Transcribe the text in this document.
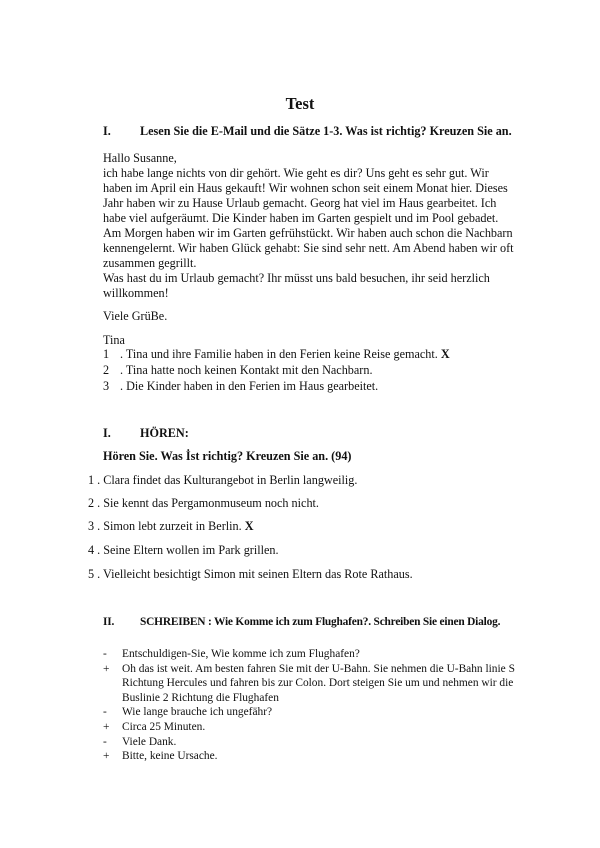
Test
I. Lesen Sie die E-Mail und die Sätze 1-3. Was ist richtig? Kreuzen Sie an.

Hallo Susanne,

ich habe lange nichts von dir gehört. Wie geht es dir? Uns geht es sehr gut. Wir

haben im April ein Haus gekauft! Wir wohnen schon seit einem Monat hier. Dieses

Jahr haben wir zu Hause Urlaub gemacht. Georg hat viel im Haus gearbeitet. Ich

habe viel aufgeräumt. Die Kinder haben im Garten gespielt und im Pool gebadet.

Am Morgen haben wir im Garten gefrühstückt. Wir haben auch schon die Nachbarn

kennengelernt. Wir haben Glück gehabt: Sie sind sehr nett. Am Abend haben wir oft

zusammen gegrillt.

Was hast du im Urlaub gemacht? Ihr müsst uns bald besuchen, ihr seid herzlich

willkommen!

Viele GrüBe.

Tina

1 . Tina und ihre Familie haben in den Ferien keine Reise gemacht. X
2 . Tina hatte noch keinen Kontakt mit den Nachbarn.
3 . Die Kinder haben in den Ferien im Haus gearbeitet.
I. HÖREN:
Hören Sie. Was İst richtig? Kreuzen Sie an. (94)
1 . Clara findet das Kulturangebot in Berlin langweilig.
2 . Sie kennt das Pergamonmuseum noch nicht.
3 . Simon lebt zurzeit in Berlin. X
4 . Seine Eltern wollen im Park grillen.
5 . Vielleicht besichtigt Simon mit seinen Eltern das Rote Rathaus.
II. SCHREIBEN : Wie Komme ich zum Flughafen?. Schreiben Sie einen Dialog.
- Entschuldigen-Sie, Wie komme ich zum Flughafen?
+ Oh das ist weit. Am besten fahren Sie mit der U-Bahn. Sie nehmen die U-Bahn linie S Richtung Hercules und fahren bis zur Colon. Dort steigen Sie um und nehmen wir die Buslinie 2 Richtung die Flughafen
- Wie lange brauche ich ungefähr?
+ Circa 25 Minuten.
- Viele Dank.
+ Bitte, keine Ursache.
